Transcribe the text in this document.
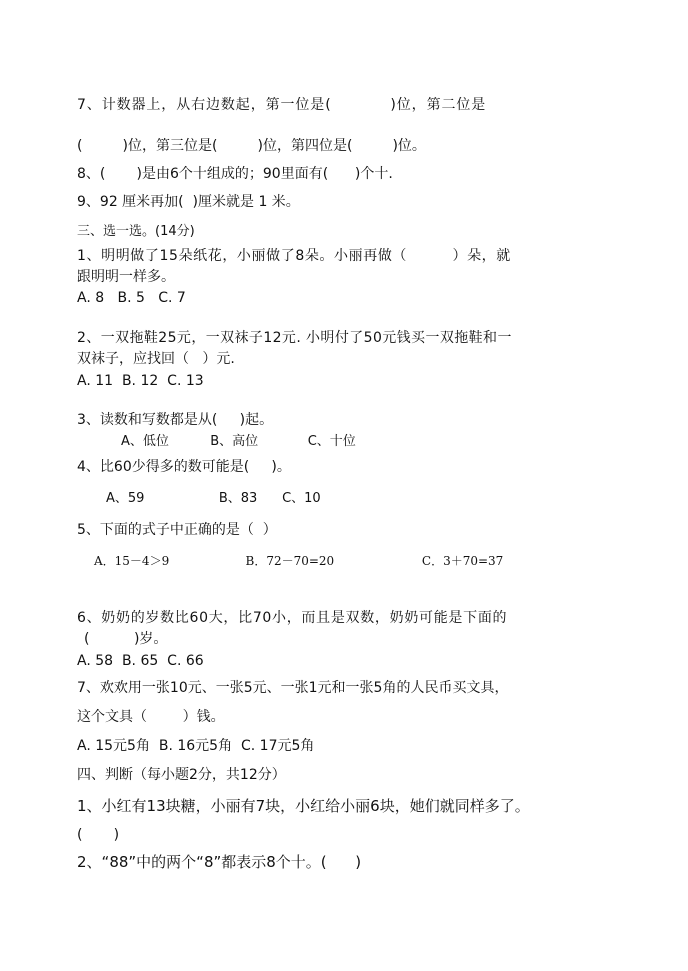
7、计数器上，从右边数起，第一位是(           )位，第二位是
(         )位，第三位是(         )位，第四位是(         )位。
8、(       )是由6个十组成的；90里面有(      )个十.
9、92 厘米再加(  )厘米就是 1 米。
三、选一选。(14分)
1、明明做了15朵纸花，小丽做了8朵。小丽再做（         ）朵，就
跟明明一样多。
A. 8   B. 5   C. 7
2、一双拖鞋25元，一双袜子12元. 小明付了50元钱买一双拖鞋和一
双袜子，应找回（   ）元.
A. 11  B. 12  C. 13
3、读数和写数都是从(     )起。
A、低位          B、高位            C、十位
4、比60少得多的数可能是(     )。
A、59                  B、83      C、10
5、下面的式子中正确的是（  ）
A．15－4＞9                    B．72－70=20                       C．3＋70=37
6、奶奶的岁数比60大，比70小，而且是双数，奶奶可能是下面的
(          )岁。
A. 58  B. 65  C. 66
7、欢欢用一张10元、一张5元、一张1元和一张5角的人民币买文具，
这个文具（        ）钱。
A. 15元5角  B. 16元5角  C. 17元5角
四、判断（每小题2分，共12分）
1、小红有13块糖，小丽有7块，小红给小丽6块，她们就同样多了。
(       )
2、“88”中的两个“8”都表示8个十。(      )
